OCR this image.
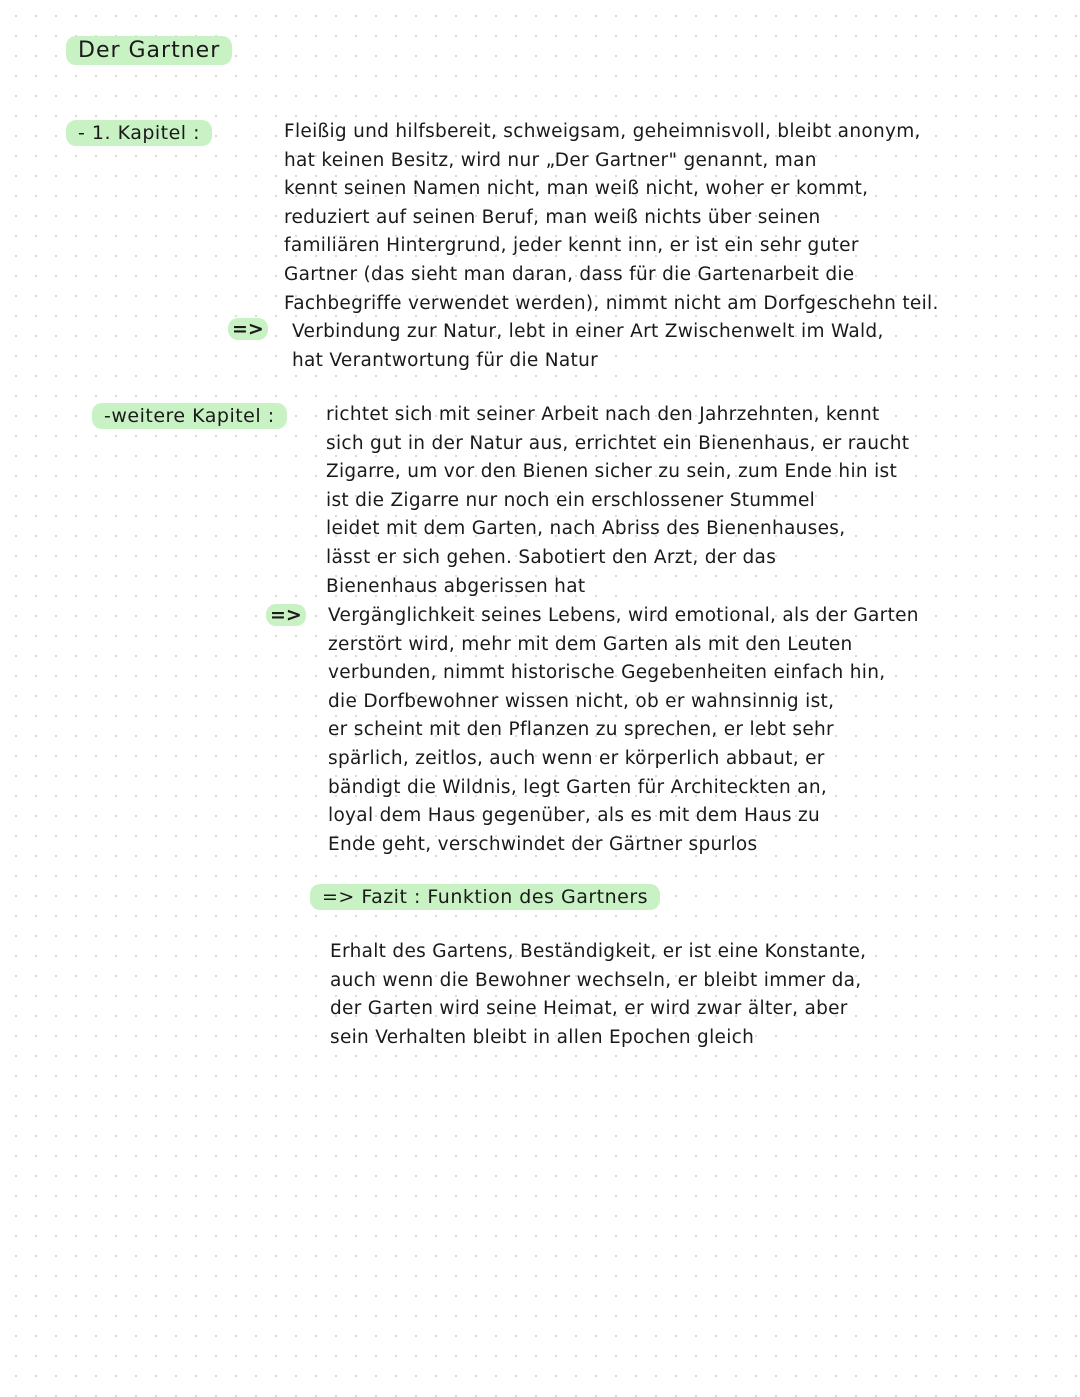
Der Gartner
- 1. Kapitel :	Fleißig und hilfsbereit, schweigsam, geheimnisvoll, bleibt anonym,
hat keinen Besitz, wird nur „Der Gartner" genannt, man
kennt seinen Namen nicht, man weiß nicht, woher er kommt,
reduziert auf seinen Beruf, man weiß nichts über seinen
familiären Hintergrund, jeder kennt inn, er ist ein sehr guter
Gartner (das sieht man daran, dass für die Gartenarbeit die
Fachbegriffe verwendet werden), nimmt nicht am Dorfgeschehn teil.
=> Verbindung zur Natur, lebt in einer Art Zwischenwelt im Wald,
hat Verantwortung für die Natur
-weitere Kapitel :	richtet sich mit seiner Arbeit nach den Jahrzehnten, kennt
sich gut in der Natur aus, errichtet ein Bienenhaus, er raucht
Zigarre, um vor den Bienen sicher zu sein, zum Ende hin ist
ist die Zigarre nur noch ein erschlossener Stummel
leidet mit dem Garten, nach Abriss des Bienenhauses,
lässt er sich gehen. Sabotiert den Arzt, der das
Bienenhaus abgerissen hat
=> Vergänglichkeit seines Lebens, wird emotional, als der Garten
zerstört wird, mehr mit dem Garten als mit den Leuten
verbunden, nimmt historische Gegebenheiten einfach hin,
die Dorfbewohner wissen nicht, ob er wahnsinnig ist,
er scheint mit den Pflanzen zu sprechen, er lebt sehr
spärlich, zeitlos, auch wenn er körperlich abbaut, er
bändigt die Wildnis, legt Garten für Architeckten an,
loyal dem Haus gegenüber, als es mit dem Haus zu
Ende geht, verschwindet der Gärtner spurlos
=> Fazit : Funktion des Gartners
Erhalt des Gartens, Beständigkeit, er ist eine Konstante,
auch wenn die Bewohner wechseln, er bleibt immer da,
der Garten wird seine Heimat, er wird zwar älter, aber
sein Verhalten bleibt in allen Epochen gleich
